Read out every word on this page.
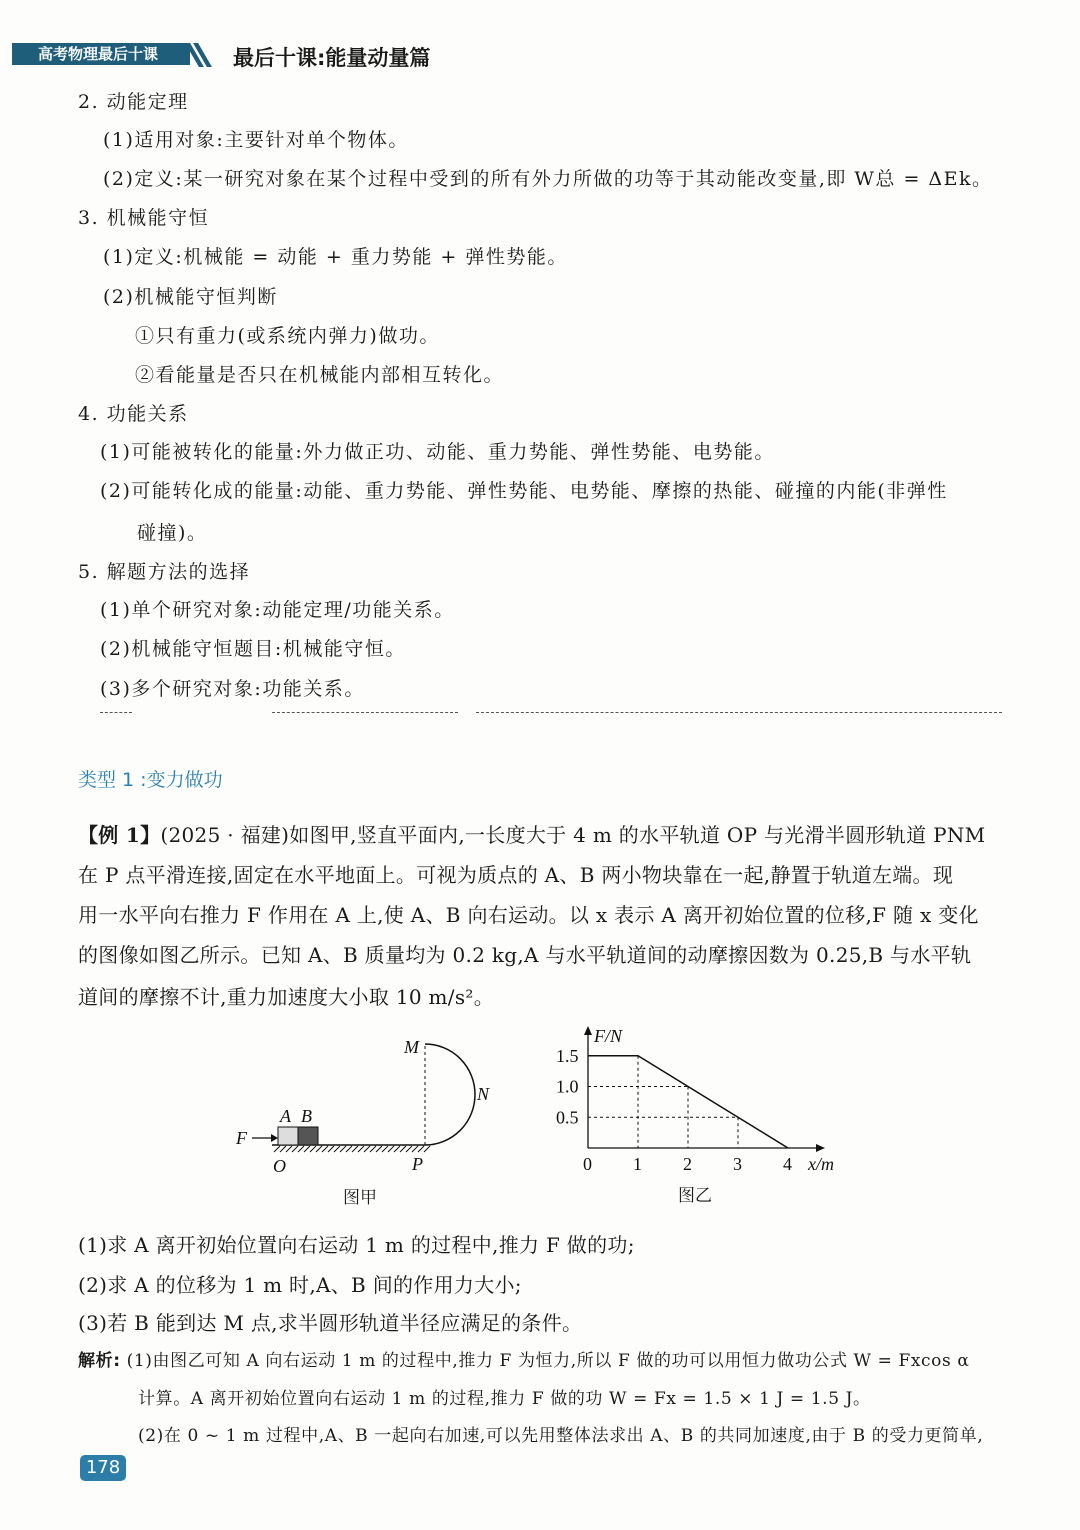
高考物理最后十课	最后十课:能量动量篇
2. 动能定理
(1)适用对象:主要针对单个物体。
(2)定义:某一研究对象在某个过程中受到的所有外力所做的功等于其动能改变量,即 W总 = ΔEk。
3. 机械能守恒
(1)定义:机械能 = 动能 + 重力势能 + 弹性势能。
(2)机械能守恒判断
①只有重力(或系统内弹力)做功。
②看能量是否只在机械能内部相互转化。
4. 功能关系
(1)可能被转化的能量:外力做正功、动能、重力势能、弹性势能、电势能。
(2)可能转化成的能量:动能、重力势能、弹性势能、电势能、摩擦的热能、碰撞的内能(非弹性
碰撞)。
5. 解题方法的选择
(1)单个研究对象:动能定理/功能关系。
(2)机械能守恒题目:机械能守恒。
(3)多个研究对象:功能关系。
类型 1 :变力做功
【例 1】(2025 · 福建)如图甲,竖直平面内,一长度大于 4 m 的水平轨道 OP 与光滑半圆形轨道 PNM
在 P 点平滑连接,固定在水平地面上。可视为质点的 A、B 两小物块靠在一起,静置于轨道左端。现
用一水平向右推力 F 作用在 A 上,使 A、B 向右运动。以 x 表示 A 离开初始位置的位移,F 随 x 变化
的图像如图乙所示。已知 A、B 质量均为 0.2 kg,A 与水平轨道间的动摩擦因数为 0.25,B 与水平轨
道间的摩擦不计,重力加速度大小取 10 m/s²。
M
N
A B
F
O	P	0 1 2 3 4
1.5
1.0
0.5
x/m
F/N
图甲	图乙
(1)求 A 离开初始位置向右运动 1 m 的过程中,推力 F 做的功;
(2)求 A 的位移为 1 m 时,A、B 间的作用力大小;
(3)若 B 能到达 M 点,求半圆形轨道半径应满足的条件。
解析: (1)由图乙可知 A 向右运动 1 m 的过程中,推力 F 为恒力,所以 F 做的功可以用恒力做功公式 W = Fxcos α
计算。A 离开初始位置向右运动 1 m 的过程,推力 F 做的功 W = Fx = 1.5 × 1 J = 1.5 J。
(2)在 0 ~ 1 m 过程中,A、B 一起向右加速,可以先用整体法求出 A、B 的共同加速度,由于 B 的受力更简单,
178
